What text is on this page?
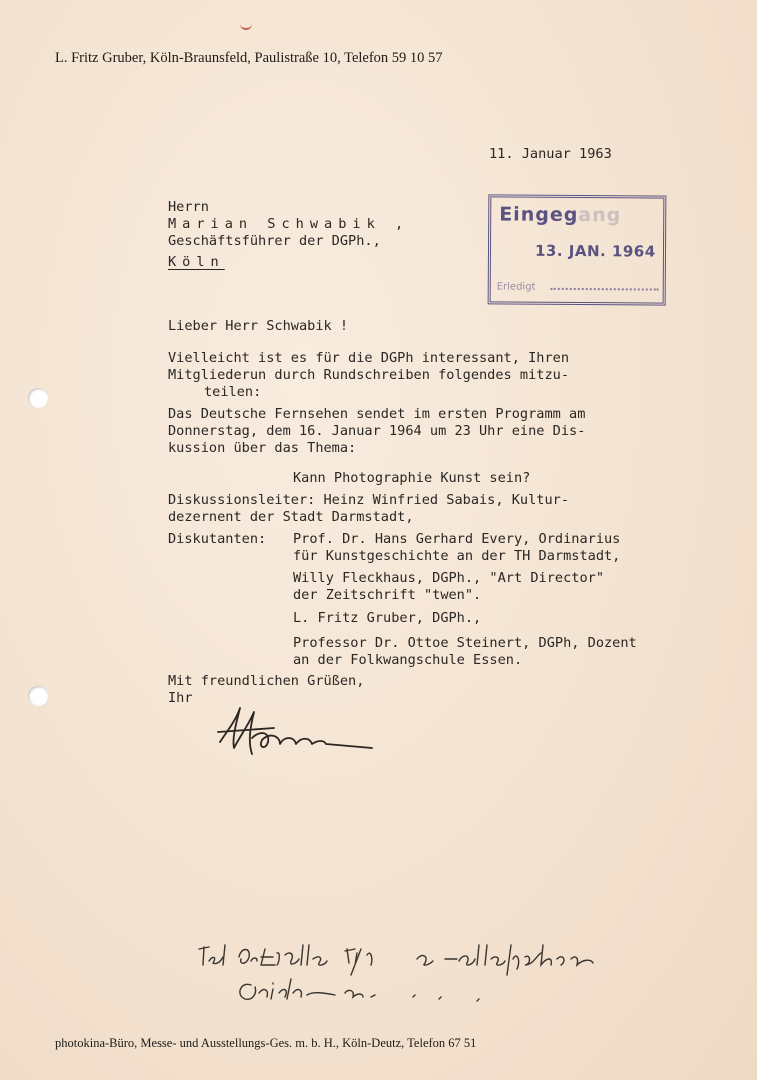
L. Fritz Gruber, Köln-Braunsfeld, Paulistraße 10, Telefon 59 10 57
11. Januar 1963
Herrn
Marian Schwabik ,
Geschäftsführer der DGPh.,
Köln
Eingegang
13. JAN. 1964
Erledigt
Lieber Herr Schwabik !
Vielleicht ist es für die DGPh interessant, Ihren
Mitgliederun durch Rundschreiben folgendes mitzu-
teilen:
Das Deutsche Fernsehen sendet im ersten Programm am
Donnerstag, dem 16. Januar 1964 um 23 Uhr eine Dis-
kussion über das Thema:
Kann Photographie Kunst sein?
Diskussionsleiter: Heinz Winfried Sabais, Kultur-
dezernent der Stadt Darmstadt,
Diskutanten: Prof. Dr. Hans Gerhard Every, Ordinarius
für Kunstgeschichte an der TH Darmstadt,
Willy Fleckhaus, DGPh., "Art Director"
der Zeitschrift "twen".
L. Fritz Gruber, DGPh.,
Professor Dr. Ottoe Steinert, DGPh, Dozent
an der Folkwangschule Essen.
Mit freundlichen Grüßen,
Ihr
photokina-Büro, Messe- und Ausstellungs-Ges. m. b. H., Köln-Deutz, Telefon 67 51
